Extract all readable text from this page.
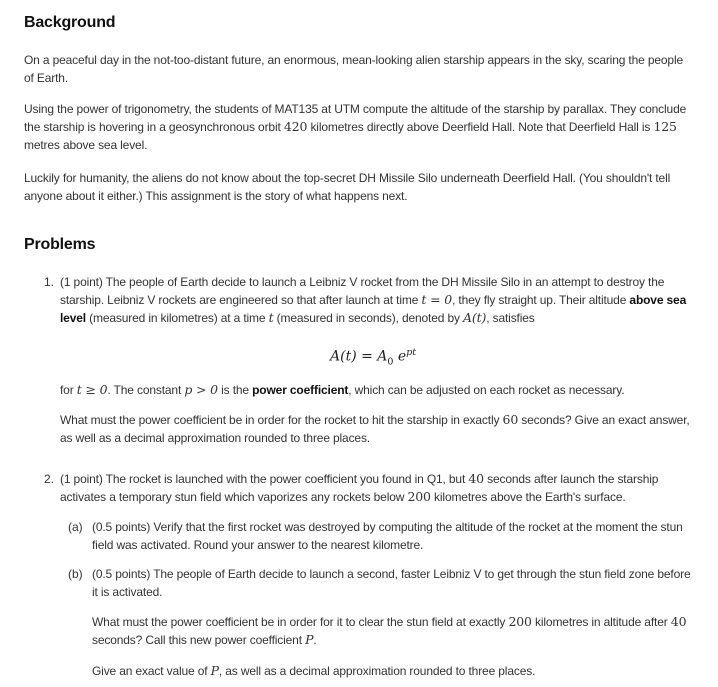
Background

On a peaceful day in the not-too-distant future, an enormous, mean-looking alien starship appears in the sky, scaring the people of Earth.

Using the power of trigonometry, the students of MAT135 at UTM compute the altitude of the starship by parallax. They conclude the starship is hovering in a geosynchronous orbit 420 kilometres directly above Deerfield Hall. Note that Deerfield Hall is 125 metres above sea level.

Luckily for humanity, the aliens do not know about the top-secret DH Missile Silo underneath Deerfield Hall. (You shouldn't tell anyone about it either.) This assignment is the story of what happens next.

Problems
1. (1 point) The people of Earth decide to launch a Leibniz V rocket from the DH Missile Silo in an attempt to destroy the starship. Leibniz V rockets are engineered so that after launch at time t = 0, they fly straight up. Their altitude above sea level (measured in kilometres) at a time t (measured in seconds), denoted by A(t), satisfies

$A(t) = A_0$ $e^{pt}$

for t ≥ 0. The constant p > 0 is the power coefficient, which can be adjusted on each rocket as necessary.

What must the power coefficient be in order for the rocket to hit the starship in exactly 60 seconds? Give an exact answer, as well as a decimal approximation rounded to three places.

2. (1 point) The rocket is launched with the power coefficient you found in Q1, but 40 seconds after launch the starship activates a temporary stun field which vaporizes any rockets below 200 kilometres above the Earth's surface.

(a) (0.5 points) Verify that the first rocket was destroyed by computing the altitude of the rocket at the moment the stun field was activated. Round your answer to the nearest kilometre.

(b) (0.5 points) The people of Earth decide to launch a second, faster Leibniz V to get through the stun field zone before it is activated.

What must the power coefficient be in order for it to clear the stun field at exactly 200 kilometres in altitude after 40 seconds? Call this new power coefficient P.

Give an exact value of P, as well as a decimal approximation rounded to three places.
